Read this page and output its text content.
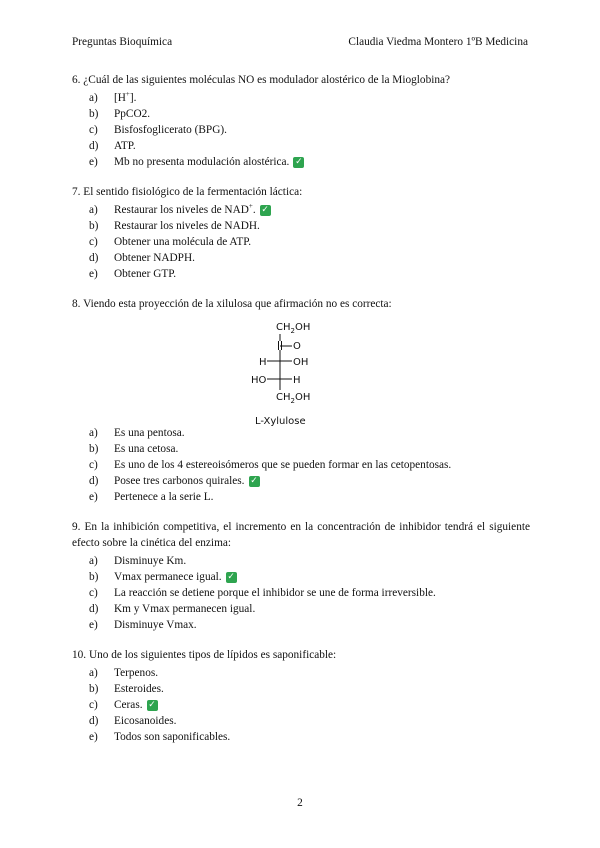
Preguntas Bioquímica	Claudia Viedma Montero 1ºB Medicina

6. ¿Cuál de las siguientes moléculas NO es modulador alostérico de la Mioglobina?

a)	[H+].
b)	PpCO2.
c)	Bisfosfoglicerato (BPG).
d)	ATP.
e)	Mb no presenta modulación alostérica. ✓

7. El sentido fisiológico de la fermentación láctica:

a)	Restaurar los niveles de NAD+. ✓
b)	Restaurar los niveles de NADH.
c)	Obtener una molécula de ATP.
d)	Obtener NADPH.
e)	Obtener GTP.

8. Viendo esta proyección de la xilulosa que afirmación no es correcta:

$CH_2OH$
O
H	OH
HO	H
$CH_2OH$
L-Xylulose
a)	Es una pentosa.
b)	Es una cetosa.
c)	Es uno de los 4 estereoisómeros que se pueden formar en las cetopentosas.
d)	Posee tres carbonos quirales. ✓
e)	Pertenece a la serie L.

9. En la inhibición competitiva, el incremento en la concentración de inhibidor tendrá el siguiente efecto sobre la cinética del enzima:

a)	Disminuye Km.
b)	Vmax permanece igual. ✓
c)	La reacción se detiene porque el inhibidor se une de forma irreversible.
d)	Km y Vmax permanecen igual.
e)	Disminuye Vmax.

10. Uno de los siguientes tipos de lípidos es saponificable:

a)	Terpenos.
b)	Esteroides.
c)	Ceras. ✓
d)	Eicosanoides.
e)	Todos son saponificables.
2
